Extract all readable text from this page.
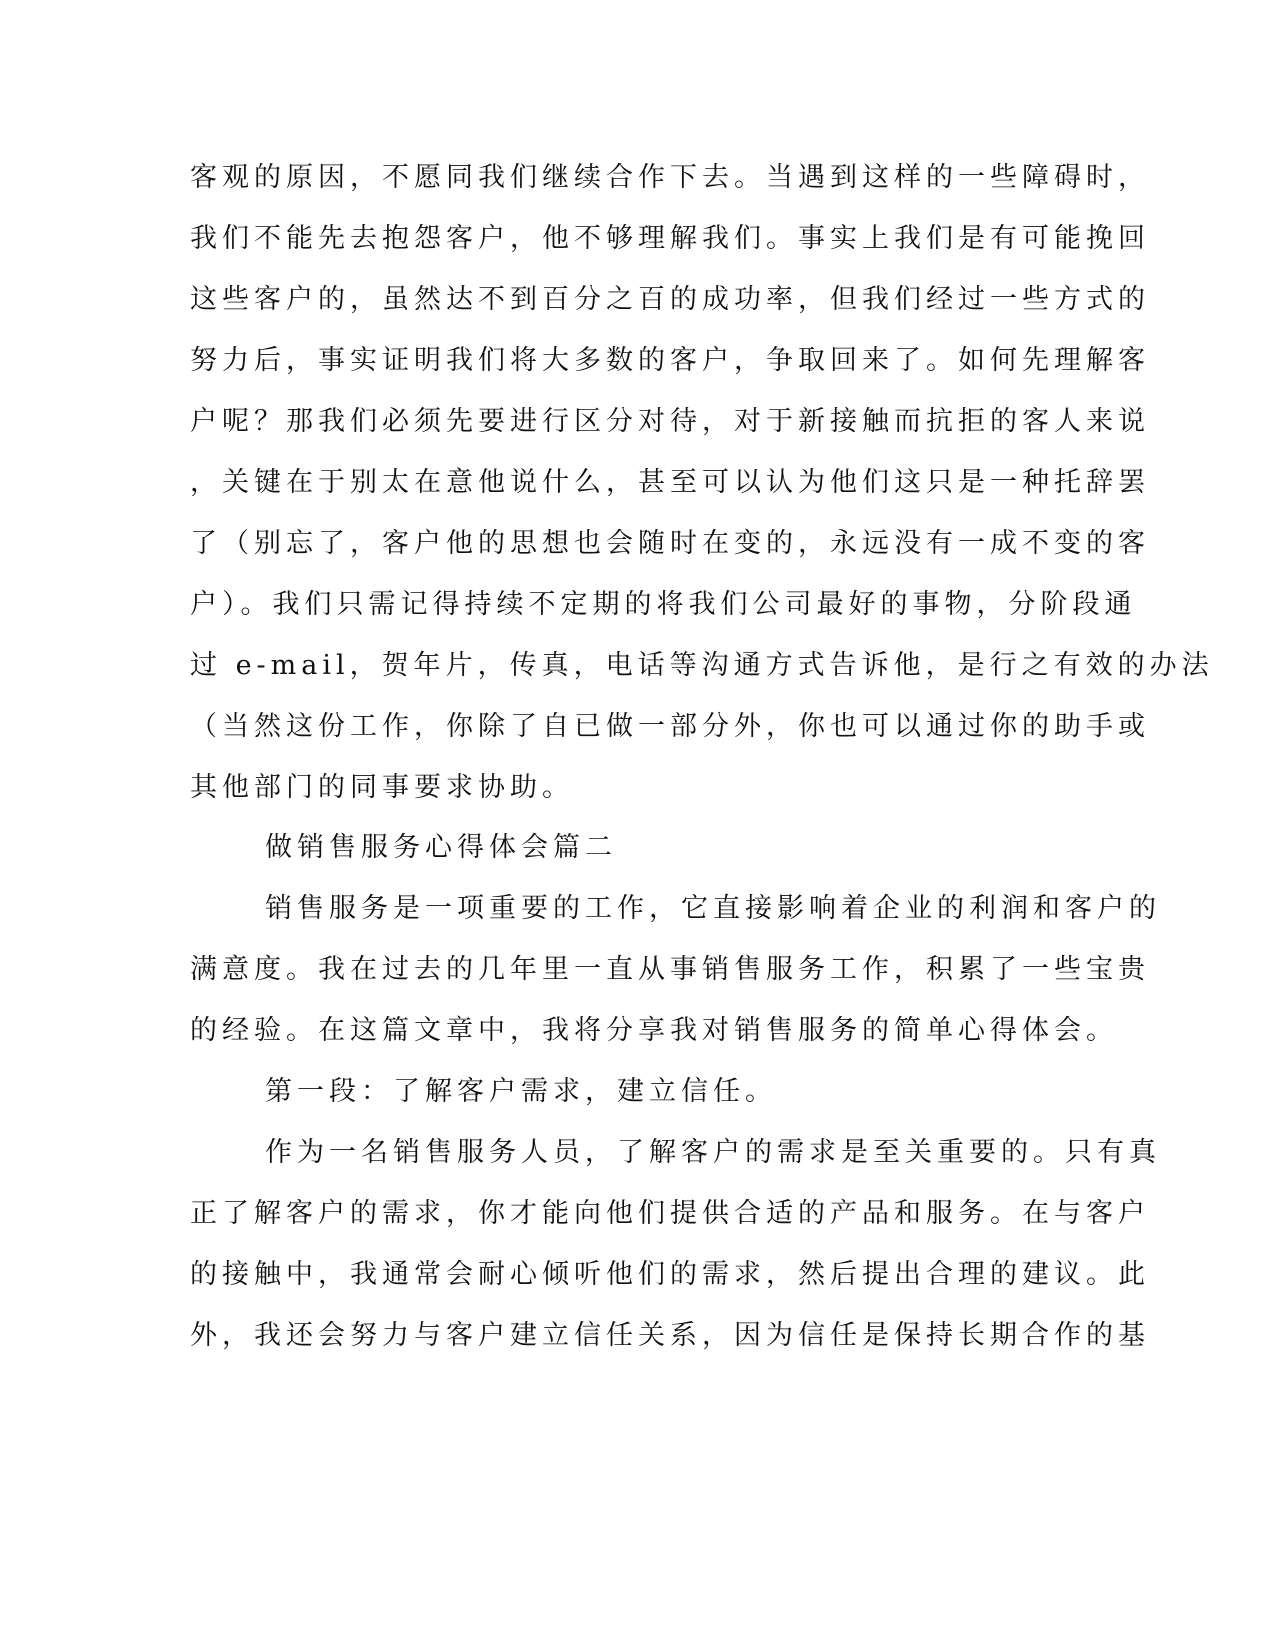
客观的原因，不愿同我们继续合作下去。当遇到这样的一些障碍时，
我们不能先去抱怨客户，他不够理解我们。事实上我们是有可能挽回
这些客户的，虽然达不到百分之百的成功率，但我们经过一些方式的
努力后，事实证明我们将大多数的客户，争取回来了。如何先理解客
户呢？那我们必须先要进行区分对待，对于新接触而抗拒的客人来说
，关键在于别太在意他说什么，甚至可以认为他们这只是一种托辞罢
了（别忘了，客户他的思想也会随时在变的，永远没有一成不变的客
户）。我们只需记得持续不定期的将我们公司最好的事物，分阶段通
过 e-mail，贺年片，传真，电话等沟通方式告诉他，是行之有效的办法
（当然这份工作，你除了自已做一部分外，你也可以通过你的助手或
其他部门的同事要求协助。
做销售服务心得体会篇二
销售服务是一项重要的工作，它直接影响着企业的利润和客户的
满意度。我在过去的几年里一直从事销售服务工作，积累了一些宝贵
的经验。在这篇文章中，我将分享我对销售服务的简单心得体会。
第一段：了解客户需求，建立信任。
作为一名销售服务人员，了解客户的需求是至关重要的。只有真
正了解客户的需求，你才能向他们提供合适的产品和服务。在与客户
的接触中，我通常会耐心倾听他们的需求，然后提出合理的建议。此
外，我还会努力与客户建立信任关系，因为信任是保持长期合作的基
